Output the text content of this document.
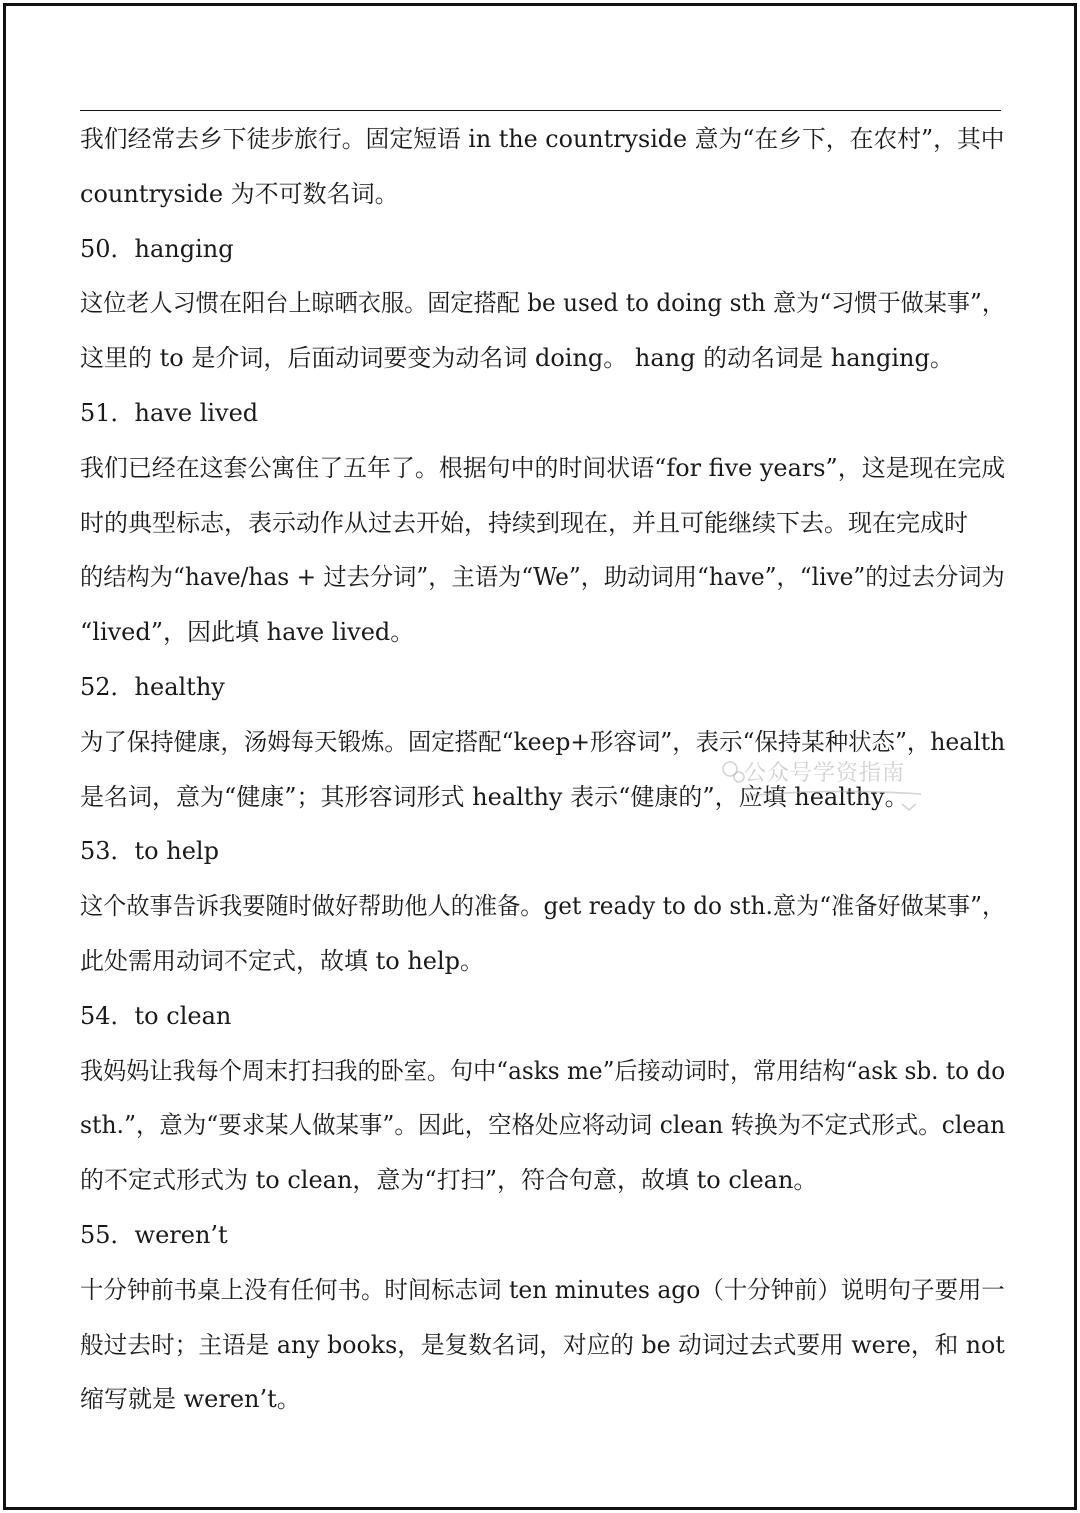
我们经常去乡下徒步旅行。固定短语 in the countryside 意为“在乡下，在农村”，其中
countryside 为不可数名词。
50．hanging
这位老人习惯在阳台上晾晒衣服。固定搭配 be used to doing sth 意为“习惯于做某事”，
这里的 to 是介词，后面动词要变为动名词 doing。 hang 的动名词是 hanging。
51．have lived
我们已经在这套公寓住了五年了。根据句中的时间状语“for five years”，这是现在完成
时的典型标志，表示动作从过去开始，持续到现在，并且可能继续下去。现在完成时
的结构为“have/has + 过去分词”，主语为“We”，助动词用“have”，“live”的过去分词为
“lived”，因此填 have lived。
52．healthy
为了保持健康，汤姆每天锻炼。固定搭配“keep+形容词”，表示“保持某种状态”，health
是名词，意为“健康”；其形容词形式 healthy 表示“健康的”，应填 healthy。
53．to help
这个故事告诉我要随时做好帮助他人的准备。get ready to do sth.意为“准备好做某事”，
此处需用动词不定式，故填 to help。
54．to clean
我妈妈让我每个周末打扫我的卧室。句中“asks me”后接动词时，常用结构“ask sb. to do
sth.”，意为“要求某人做某事”。因此，空格处应将动词 clean 转换为不定式形式。clean
的不定式形式为 to clean，意为“打扫”，符合句意，故填 to clean。
55．weren’t
十分钟前书桌上没有任何书。时间标志词 ten minutes ago（十分钟前）说明句子要用一
般过去时；主语是 any books，是复数名词，对应的 be 动词过去式要用 were，和 not
缩写就是 weren’t。
公众号学资指南
